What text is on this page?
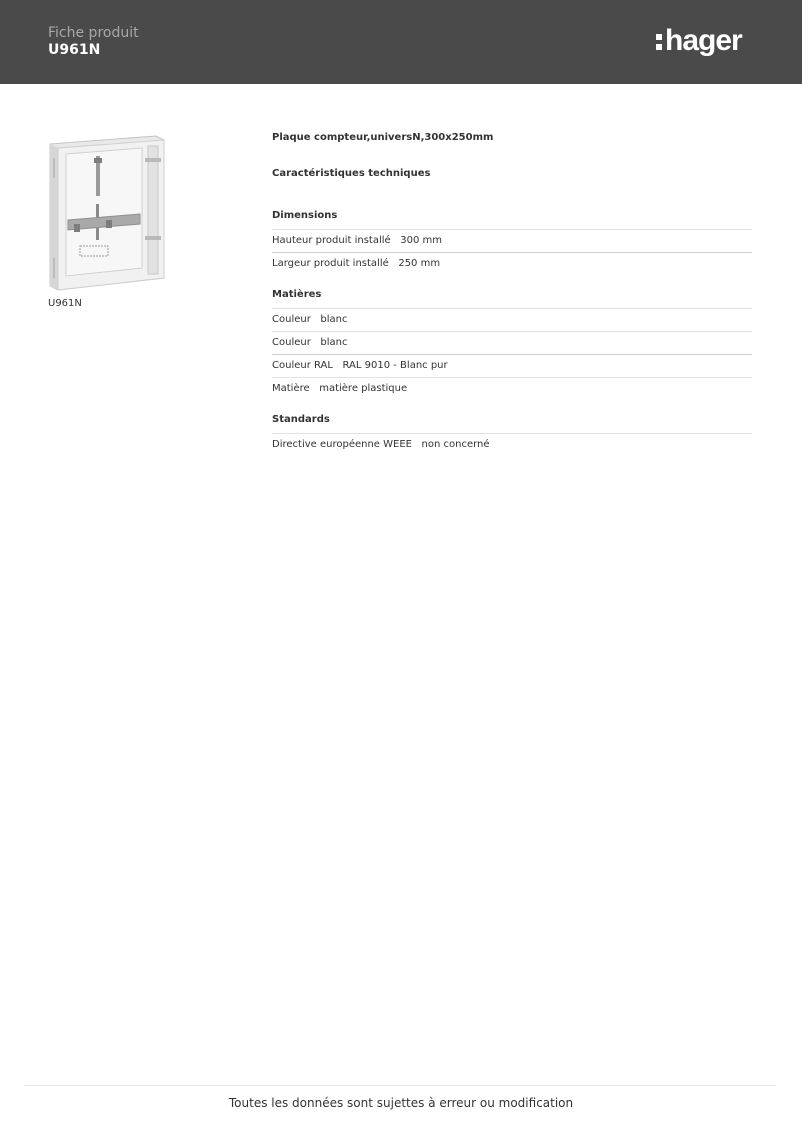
Fiche produit
U961N	hager
U961N
Plaque compteur,universN,300x250mm
Caractéristiques techniques
Dimensions
Hauteur produit installé 300 mm
Largeur produit installé 250 mm
Matières
Couleur blanc
Couleur blanc
Couleur RAL RAL 9010 - Blanc pur
Matière matière plastique
Standards
Directive européenne WEEE non concerné
Toutes les données sont sujettes à erreur ou modification
